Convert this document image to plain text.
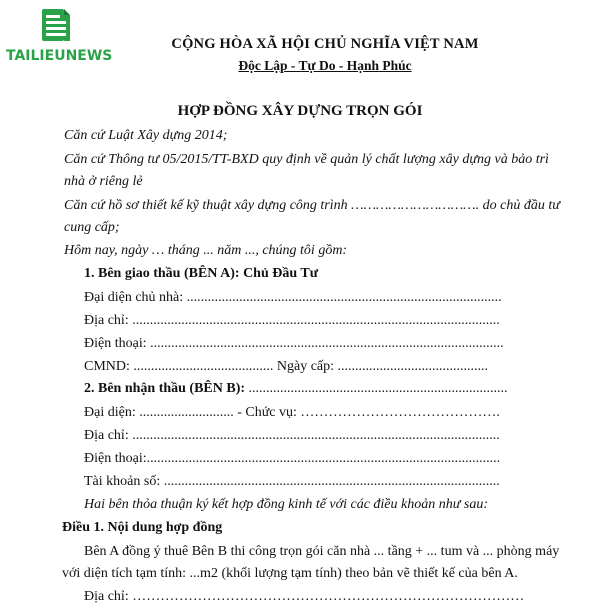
TAILIEUNEWS
CỘNG HÒA XÃ HỘI CHỦ NGHĨA VIỆT NAM
Độc Lập - Tự Do - Hạnh Phúc
HỢP ĐỒNG XÂY DỰNG TRỌN GÓI
Căn cứ Luật Xây dựng 2014;
Căn cứ Thông tư 05/2015/TT-BXD quy định về quản lý chất lượng xây dựng và bảo trì
nhà ở riêng lẻ
Căn cứ hồ sơ thiết kế kỹ thuật xây dựng công trình …………………………. do chủ đầu tư
cung cấp;
Hôm nay, ngày … tháng ... năm ..., chúng tôi gồm:
1. Bên giao thầu (BÊN A): Chủ Đầu Tư
Đại diện chủ nhà: ..........................................................................................
Địa chỉ: .........................................................................................................
Điện thoại: .....................................................................................................
CMND: ........................................ Ngày cấp: ...........................................
2. Bên nhận thầu (BÊN B): ..........................................................................
Đại diện: ........................... - Chức vụ: …………………………………….
Địa chỉ: .........................................................................................................
Điện thoại:.....................................................................................................
Tài khoản số: ................................................................................................
Hai bên thỏa thuận ký kết hợp đồng kinh tế với các điều khoản như sau:
Điều 1. Nội dung hợp đồng
Bên A đồng ý thuê Bên B thi công trọn gói căn nhà ... tầng + ... tum và ... phòng máy
với diện tích tạm tính: ...m2 (khối lượng tạm tính) theo bản vẽ thiết kế của bên A.
Địa chỉ: …………………………………………………………………………
